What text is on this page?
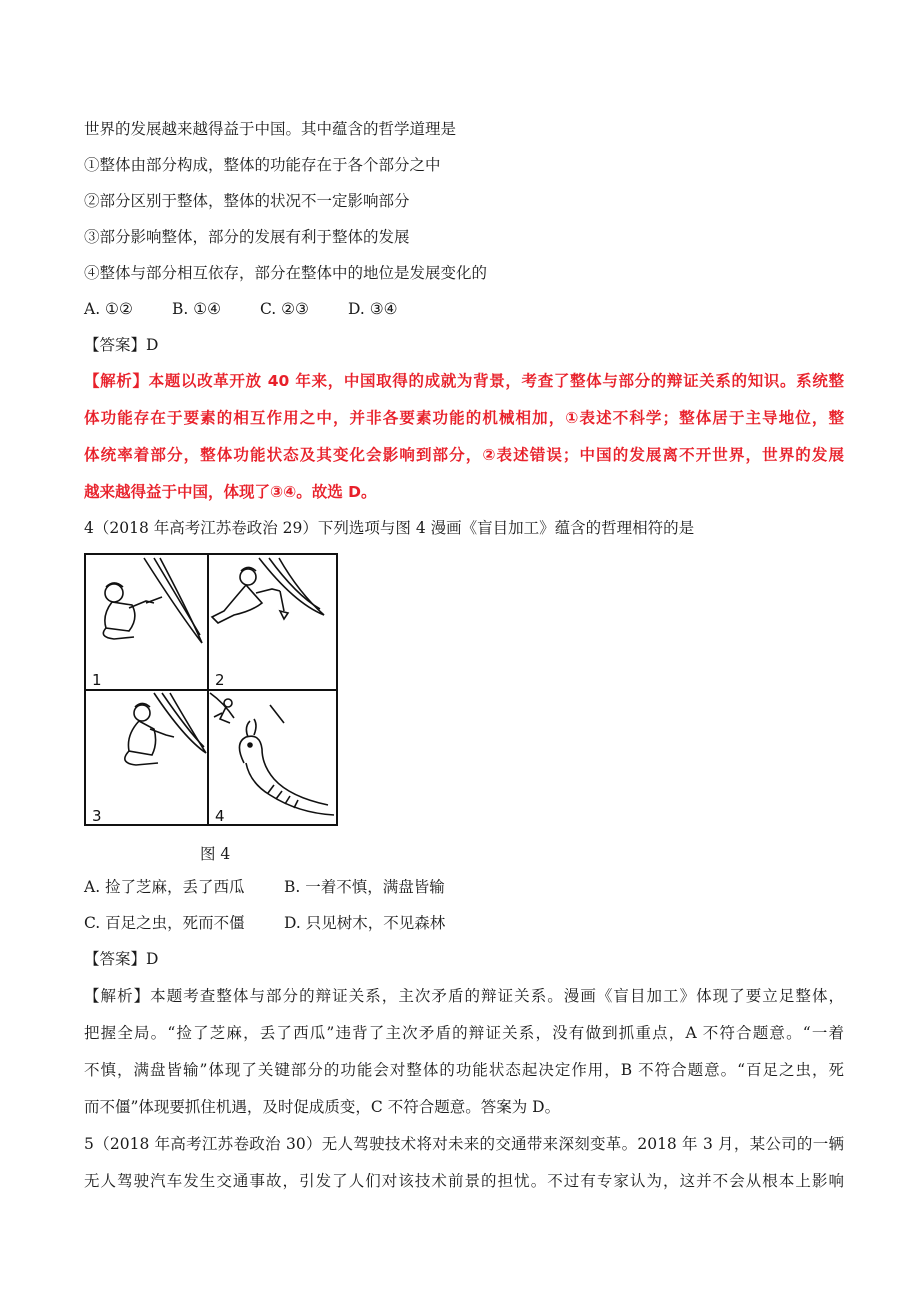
世界的发展越来越得益于中国。其中蕴含的哲学道理是
①整体由部分构成，整体的功能存在于各个部分之中
②部分区别于整体，整体的状况不一定影响部分
③部分影响整体，部分的发展有利于整体的发展
④整体与部分相互依存，部分在整体中的地位是发展变化的
A. ①②	B. ①④	C. ②③	D. ③④
【答案】D
【解析】本题以改革开放 40 年来，中国取得的成就为背景，考查了整体与部分的辩证关系的知识。系统整
体功能存在于要素的相互作用之中，并非各要素功能的机械相加，①表述不科学；整体居于主导地位，整
体统率着部分，整体功能状态及其变化会影响到部分，②表述错误；中国的发展离不开世界，世界的发展
越来越得益于中国，体现了③④。故选 D。
4（2018 年高考江苏卷政治 29）下列选项与图 4 漫画《盲目加工》蕴含的哲理相符的是
1	2
3	4
图 4
A. 捡了芝麻，丢了西瓜	B. 一着不慎，满盘皆输
C. 百足之虫，死而不僵	D. 只见树木，不见森林
【答案】D
【解析】本题考查整体与部分的辩证关系，主次矛盾的辩证关系。漫画《盲目加工》体现了要立足整体，
把握全局。“捡了芝麻，丢了西瓜”违背了主次矛盾的辩证关系，没有做到抓重点，A 不符合题意。“一着
不慎，满盘皆输”体现了关键部分的功能会对整体的功能状态起决定作用，B 不符合题意。“百足之虫，死
而不僵”体现要抓住机遇，及时促成质变，C 不符合题意。答案为 D。
5（2018 年高考江苏卷政治 30）无人驾驶技术将对未来的交通带来深刻变革。2018 年 3 月，某公司的一辆
无人驾驶汽车发生交通事故，引发了人们对该技术前景的担忧。不过有专家认为，这并不会从根本上影响
